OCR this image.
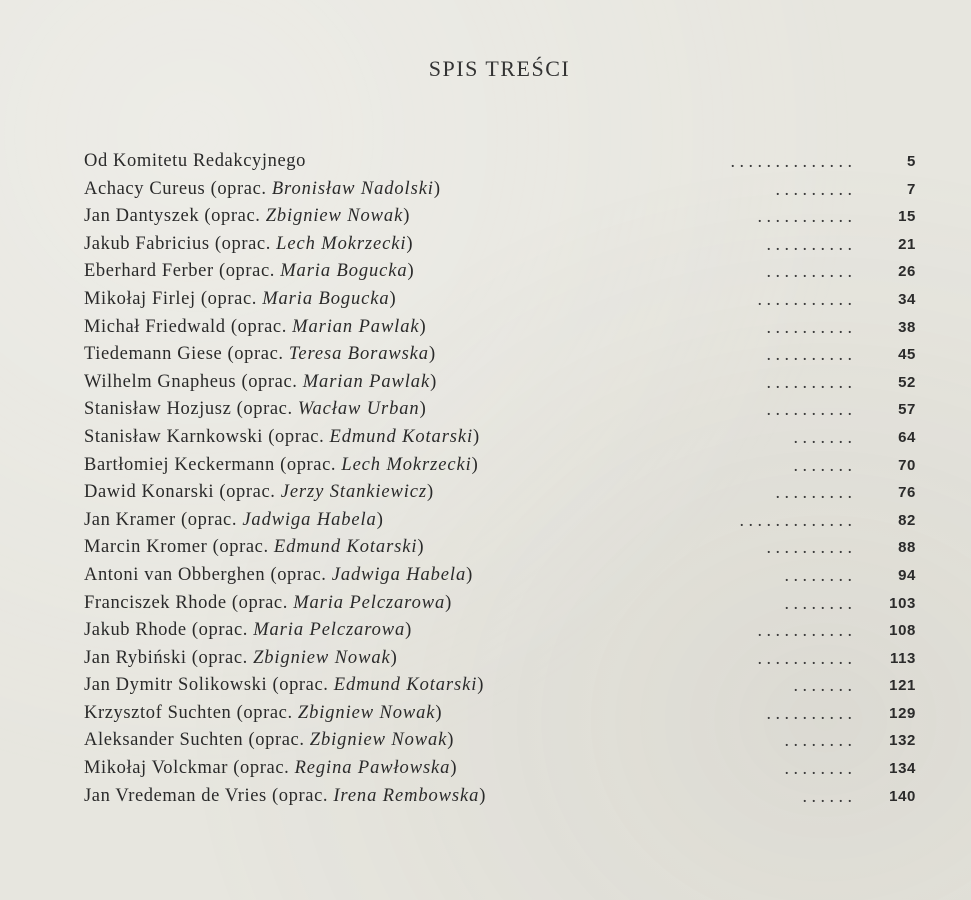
SPIS TREŚCI
Od Komitetu Redakcyjnego	. . . . . . . . . . . . . .	5
Achacy Cureus (oprac. Bronisław Nadolski)	. . . . . . . . .	7
Jan Dantyszek (oprac. Zbigniew Nowak)	. . . . . . . . . . .	15
Jakub Fabricius (oprac. Lech Mokrzecki)	. . . . . . . . . .	21
Eberhard Ferber (oprac. Maria Bogucka)	. . . . . . . . . .	26
Mikołaj Firlej (oprac. Maria Bogucka)	. . . . . . . . . . .	34
Michał Friedwald (oprac. Marian Pawlak)	. . . . . . . . . .	38
Tiedemann Giese (oprac. Teresa Borawska)	. . . . . . . . . .	45
Wilhelm Gnapheus (oprac. Marian Pawlak)	. . . . . . . . . .	52
Stanisław Hozjusz (oprac. Wacław Urban)	. . . . . . . . . .	57
Stanisław Karnkowski (oprac. Edmund Kotarski)	. . . . . . .	64
Bartłomiej Keckermann (oprac. Lech Mokrzecki)	. . . . . . .	70
Dawid Konarski (oprac. Jerzy Stankiewicz)	. . . . . . . . .	76
Jan Kramer (oprac. Jadwiga Habela)	. . . . . . . . . . . . .	82
Marcin Kromer (oprac. Edmund Kotarski)	. . . . . . . . . .	88
Antoni van Obberghen (oprac. Jadwiga Habela)	. . . . . . . .	94
Franciszek Rhode (oprac. Maria Pelczarowa)	. . . . . . . . 103
Jakub Rhode (oprac. Maria Pelczarowa)	. . . . . . . . . . . 108
Jan Rybiński (oprac. Zbigniew Nowak)	. . . . . . . . . . .	113
Jan Dymitr Solikowski (oprac. Edmund Kotarski)	. . . . . . . 121
Krzysztof Suchten (oprac. Zbigniew Nowak)	. . . . . . . . . . 129
Aleksander Suchten (oprac. Zbigniew Nowak)	. . . . . . . . 132
Mikołaj Volckmar (oprac. Regina Pawłowska)	. . . . . . . . 134
Jan Vredeman de Vries (oprac. Irena Rembowska)	. . . . . . 140
